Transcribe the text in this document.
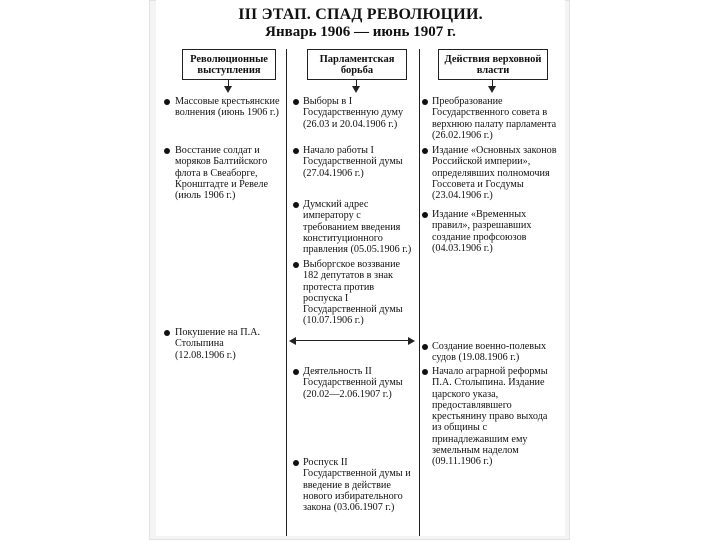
III ЭТАП. СПАД РЕВОЛЮЦИИ.
Январь 1906 — июнь 1907 г.
Революционные выступления
Парламентская борьба
Действия верховной власти
Массовые крестьянские волнения (июнь 1906 г.)
Восстание солдат и моряков Балтийского флота в Свеаборге, Кронштадте и Ревеле (июль 1906 г.)
Покушение на П.А. Столыпина (12.08.1906 г.)
Выборы в I Государственную думу (26.03 и 20.04.1906 г.)
Начало работы I Государственной думы (27.04.1906 г.)
Думский адрес императору с требованием введения конституционного правления (05.05.1906 г.)
Выборгское воззвание 182 депутатов в знак протеста против роспуска I Государственной думы (10.07.1906 г.)
Деятельность II Государственной думы (20.02—2.06.1907 г.)
Роспуск II Государственной думы и введение в действие нового избирательного закона (03.06.1907 г.)
Преобразование Государственного совета в верхнюю палату парламента (26.02.1906 г.)
Издание «Основных законов Российской империи», определявших полномочия Госсовета и Госдумы (23.04.1906 г.)
Издание «Временных правил», разрешавших создание профсоюзов (04.03.1906 г.)
Создание военно-полевых судов (19.08.1906 г.)
Начало аграрной реформы П.А. Столыпина. Издание царского указа, предоставлявшего крестьянину право выхода из общины с принадлежавшим ему земельным наделом (09.11.1906 г.)
